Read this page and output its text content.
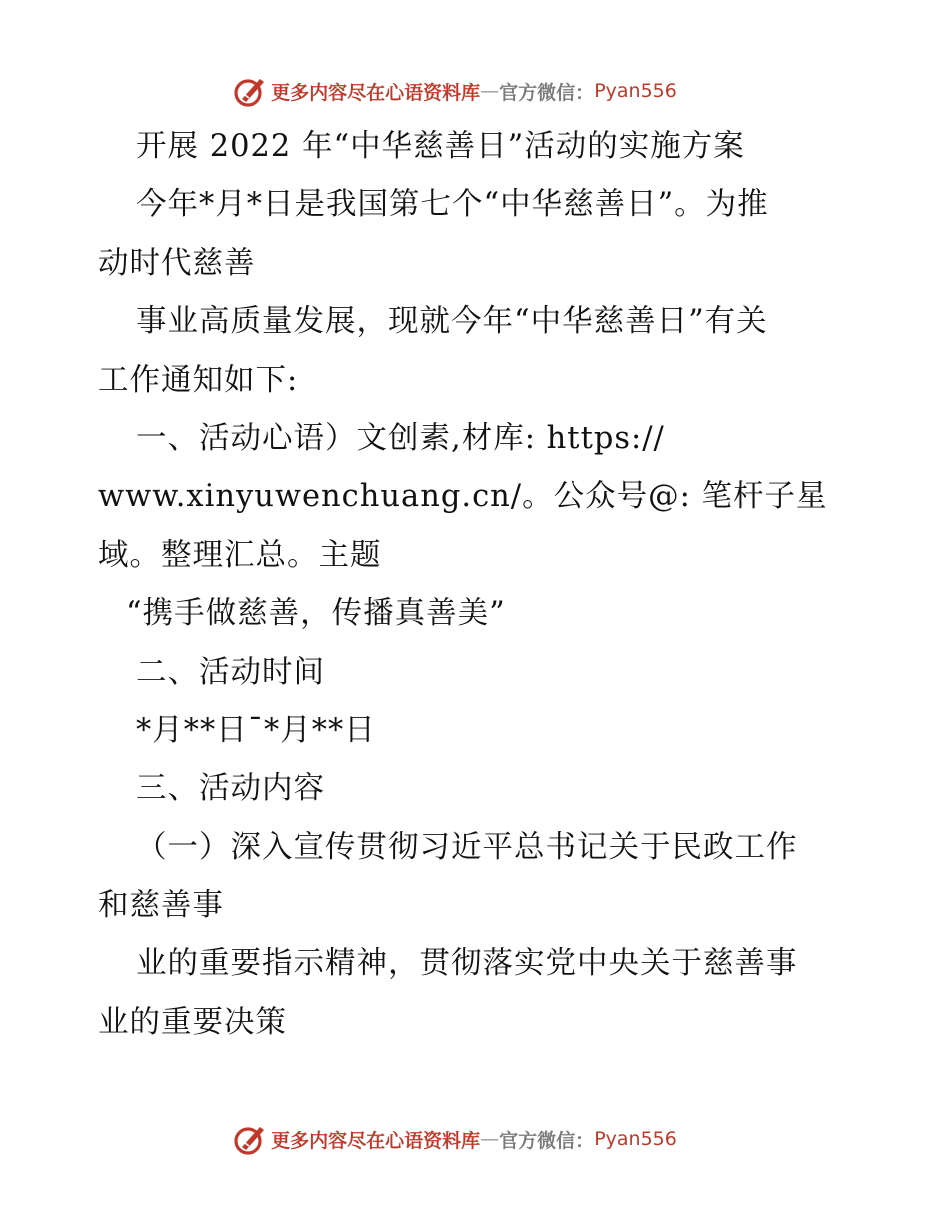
更多内容尽在心语资料库 — 官方微信： Pyan556
开展 2022 年“中华慈善日”活动的实施方案
今年*月*日是我国第七个“中华慈善日”。为推
动时代慈善
事业高质量发展，现就今年“中华慈善日”有关
工作通知如下:
一、活动心语）文创素,材库: https://
www.xinyuwenchuang.cn/。公众号@: 笔杆子星
域。整理汇总。主题
“携手做慈善，传播真善美”
二、活动时间
*月**日¯*月**日
三、活动内容
（一）深入宣传贯彻习近平总书记关于民政工作
和慈善事
业的重要指示精神，贯彻落实党中央关于慈善事
业的重要决策
更多内容尽在心语资料库 — 官方微信： Pyan556
